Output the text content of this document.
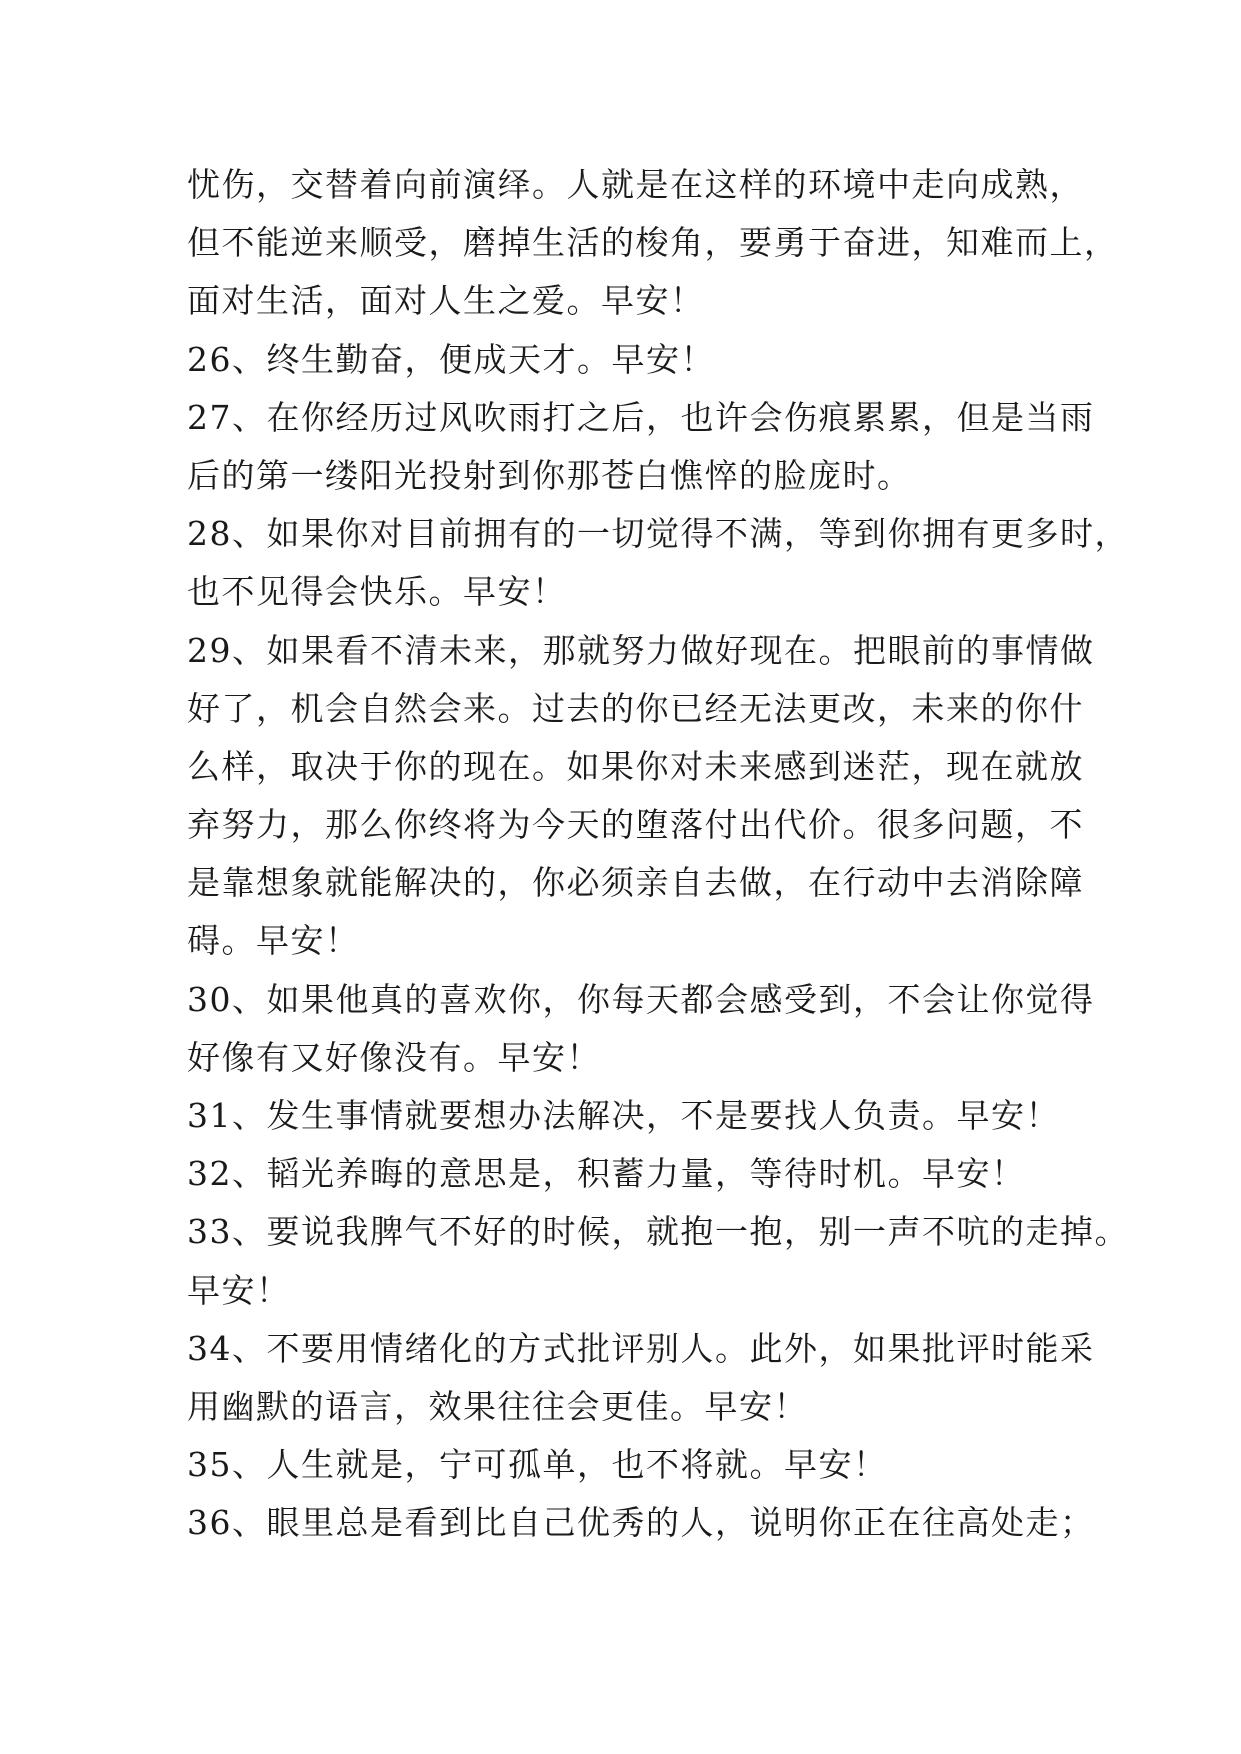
忧伤，交替着向前演绎。人就是在这样的环境中走向成熟，
但不能逆来顺受，磨掉生活的梭角，要勇于奋进，知难而上，
面对生活，面对人生之爱。早安！
26、终生勤奋，便成天才。早安！
27、在你经历过风吹雨打之后，也许会伤痕累累，但是当雨
后的第一缕阳光投射到你那苍白憔悴的脸庞时。
28、如果你对目前拥有的一切觉得不满，等到你拥有更多时，
也不见得会快乐。早安！
29、如果看不清未来，那就努力做好现在。把眼前的事情做
好了，机会自然会来。过去的你已经无法更改，未来的你什
么样，取决于你的现在。如果你对未来感到迷茫，现在就放
弃努力，那么你终将为今天的堕落付出代价。很多问题，不
是靠想象就能解决的，你必须亲自去做，在行动中去消除障
碍。早安！
30、如果他真的喜欢你，你每天都会感受到，不会让你觉得
好像有又好像没有。早安！
31、发生事情就要想办法解决，不是要找人负责。早安！
32、韬光养晦的意思是，积蓄力量，等待时机。早安！
33、要说我脾气不好的时候，就抱一抱，别一声不吭的走掉。
早安！
34、不要用情绪化的方式批评别人。此外，如果批评时能采
用幽默的语言，效果往往会更佳。早安！
35、人生就是，宁可孤单，也不将就。早安！
36、眼里总是看到比自己优秀的人，说明你正在往高处走；
